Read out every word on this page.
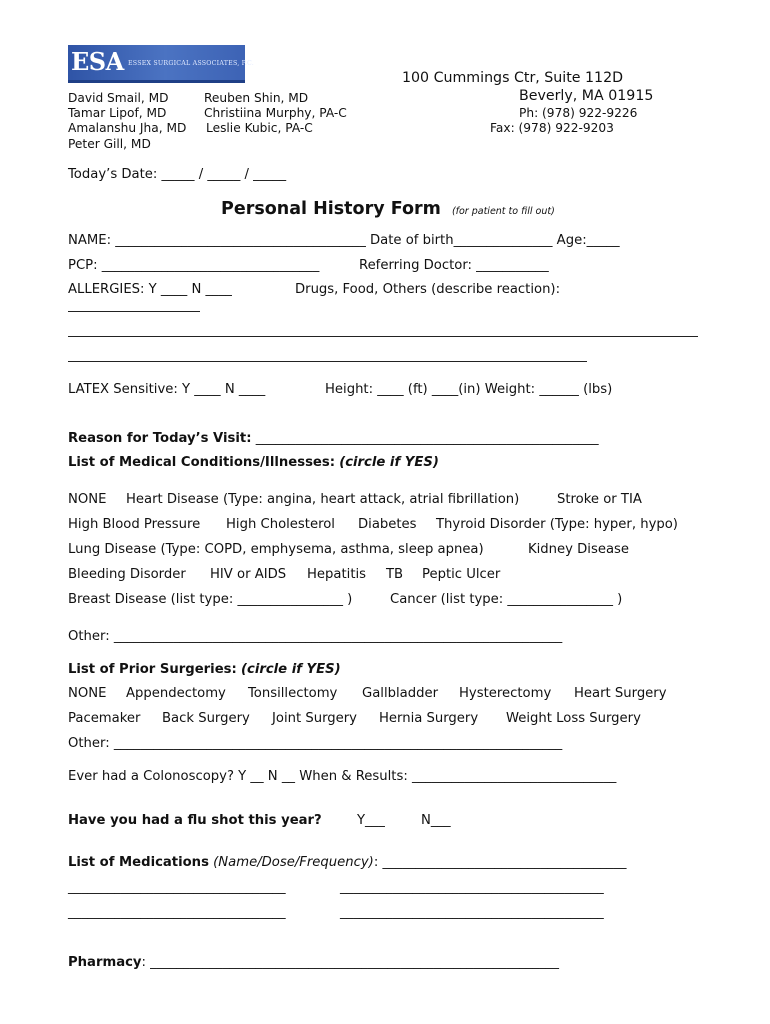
ESA ESSEX SURGICAL ASSOCIATES, P.C.
100 Cummings Ctr, Suite 112D
Beverly, MA 01915
Ph: (978) 922-9226
Fax: (978) 922-9203
David Smail, MD
Tamar Lipof, MD
Amalanshu Jha, MD
Peter Gill, MD
Reuben Shin, MD
Christiina Murphy, PA-C
Leslie Kubic, PA-C
Today’s Date: _____ / _____ / _____
Personal History Form (for patient to fill out)
NAME: ______________________________________ Date of birth_______________ Age:_____
PCP: _________________________________	Referring Doctor: ___________
ALLERGIES: Y ____ N ____	Drugs, Food, Others (describe reaction):
LATEX Sensitive: Y ____ N ____	Height: ____ (ft) ____(in) Weight: ______ (lbs)
Reason for Today’s Visit: ____________________________________________________
List of Medical Conditions/Illnesses: (circle if YES)
NONE Heart Disease (Type: angina, heart attack, atrial fibrillation)	Stroke or TIA
High Blood Pressure High Cholesterol Diabetes Thyroid Disorder (Type: hyper, hypo)
Lung Disease (Type: COPD, emphysema, asthma, sleep apnea)	Kidney Disease
Bleeding Disorder HIV or AIDS Hepatitis TB Peptic Ulcer
Breast Disease (list type: ________________ )	Cancer (list type: ________________ )
Other: ____________________________________________________________________
List of Prior Surgeries: (circle if YES)
NONE Appendectomy Tonsillectomy Gallbladder Hysterectomy Heart Surgery
Pacemaker Back Surgery Joint Surgery Hernia Surgery Weight Loss Surgery
Other: ____________________________________________________________________
Ever had a Colonoscopy? Y __ N __ When & Results: _______________________________
Have you had a flu shot this year?	Y___	N___
List of Medications (Name/Dose/Frequency): _____________________________________
_________________________________	________________________________________
_________________________________	________________________________________
Pharmacy: ______________________________________________________________
